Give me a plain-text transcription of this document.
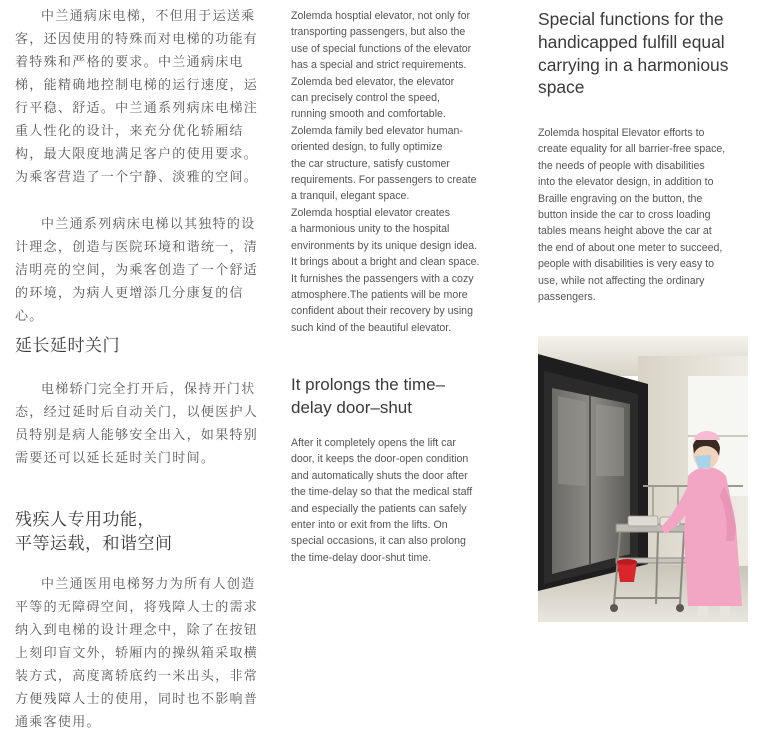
中兰通病床电梯，不但用于运送乘客，还因使用的特殊而对电梯的功能有着特殊和严格的要求。中兰通病床电梯，能精确地控制电梯的运行速度，运行平稳、舒适。中兰通系列病床电梯注重人性化的设计，来充分优化轿厢结构，最大限度地满足客户的使用要求。为乘客营造了一个宁静、淡雅的空间。

中兰通系列病床电梯以其独特的设计理念，创造与医院环境和谐统一，清洁明亮的空间，为乘客创造了一个舒适的环境，为病人更增添几分康复的信心。

延长延时关门

电梯轿门完全打开后，保持开门状态，经过延时后自动关门，以便医护人员特别是病人能够安全出入，如果特别需要还可以延长延时关门时间。

残疾人专用功能，
平等运载，和谐空间

中兰通医用电梯努力为所有人创造平等的无障碍空间，将残障人士的需求纳入到电梯的设计理念中，除了在按钮上刻印盲文外，轿厢内的操纵箱采取横装方式，高度离轿底约一米出头，非常方便残障人士的使用，同时也不影响普通乘客使用。

Zolemda hosptial elevator, not only for
transporting passengers, but also the
use of special functions of the elevator
has a special and strict requirements.
Zolemda bed elevator, the elevator
can precisely control the speed,
running smooth and comfortable.
Zolemda family bed elevator human-
oriented design, to fully optimize
the car structure, satisfy customer
requirements. For passengers to create
a tranquil, elegant space.
Zolemda hosptial elevator creates
a harmonious unity to the hospital
environments by its unique design idea.
It brings about a bright and clean space.
It furnishes the passengers with a cozy
atmosphere.The patients will be more
confident about their recovery by using
such kind of the beautiful elevator.

It prolongs the time–
delay door–shut

After it completely opens the lift car
door, it keeps the door-open condition
and automatically shuts the door after
the time-delay so that the medical staff
and especially the patients can safely
enter into or exit from the lifts. On
special occasions, it can also prolong
the time-delay door-shut time.

Special functions for the
handicapped fulfill equal
carrying in a harmonious
space

Zolemda hospital Elevator efforts to
create equality for all barrier-free space,
the needs of people with disabilities
into the elevator design, in addition to
Braille engraving on the button, the
button inside the car to cross loading
tables means height above the car at
the end of about one meter to succeed,
people with disabilities is very easy to
use, while not affecting the ordinary
passengers.
